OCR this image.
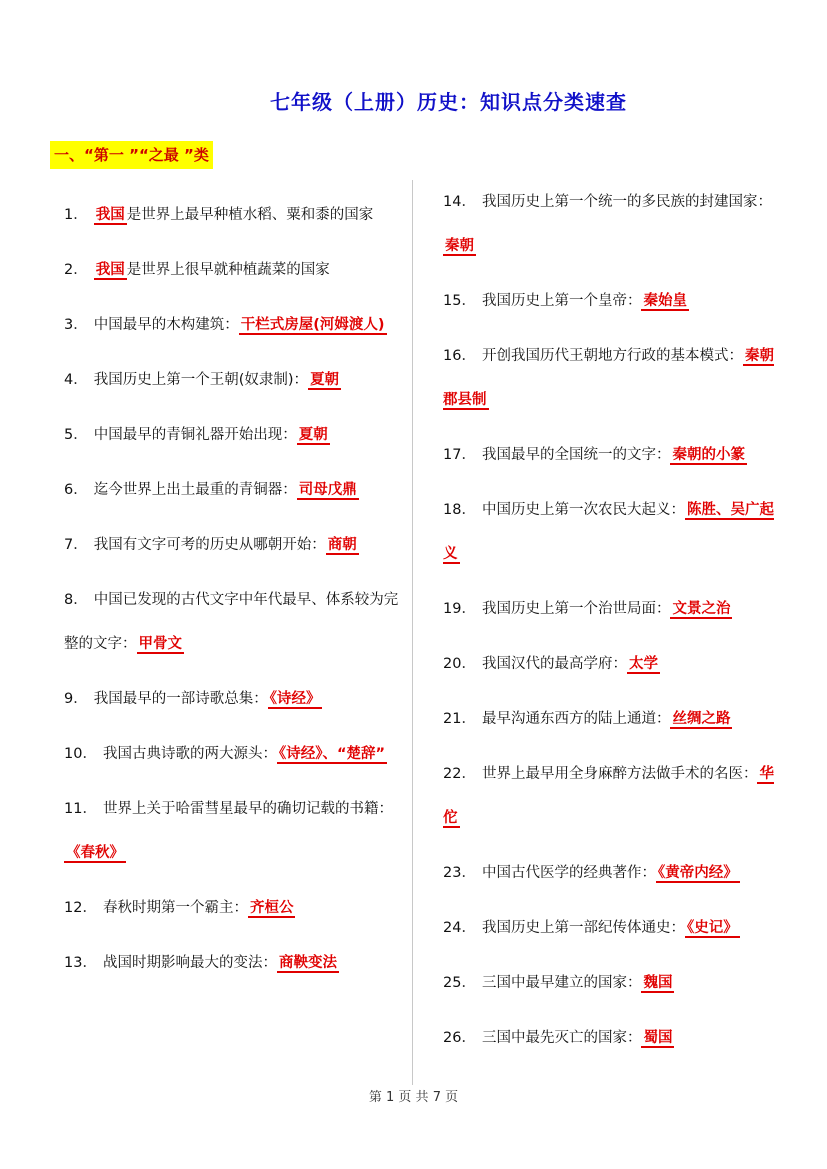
七年级（上册）历史：知识点分类速查
一、“第一 ”“之最 ”类
1． 我国 是世界上最早种植水稻、粟和黍的国家
2． 我国 是世界上很早就种植蔬菜的国家
3． 中国最早的木构建筑： 干栏式房屋(河姆渡人)
4． 我国历史上第一个王朝(奴隶制)： 夏朝
5． 中国最早的青铜礼器开始出现： 夏朝
6． 迄今世界上出土最重的青铜器： 司母戊鼎
7． 我国有文字可考的历史从哪朝开始： 商朝
8． 中国已发现的古代文字中年代最早、体系较为完整的文字： 甲骨文
9． 我国最早的一部诗歌总集： 《诗经》
10． 我国古典诗歌的两大源头： 《诗经》、“楚辞”
11． 世界上关于哈雷彗星最早的确切记载的书籍：《春秋》
12． 春秋时期第一个霸主： 齐桓公
13． 战国时期影响最大的变法： 商鞅变法
14． 我国历史上第一个统一的多民族的封建国家：秦朝
15． 我国历史上第一个皇帝： 秦始皇
16． 开创我国历代王朝地方行政的基本模式： 秦朝郡县制
17． 我国最早的全国统一的文字： 秦朝的小篆
18． 中国历史上第一次农民大起义： 陈胜、吴广起义
19． 我国历史上第一个治世局面： 文景之治
20． 我国汉代的最高学府： 太学
21． 最早沟通东西方的陆上通道： 丝绸之路
22． 世界上最早用全身麻醉方法做手术的名医： 华佗
23． 中国古代医学的经典著作： 《黄帝内经》
24． 我国历史上第一部纪传体通史： 《史记》
25． 三国中最早建立的国家： 魏国
26． 三国中最先灭亡的国家： 蜀国
第 1 页 共 7 页
